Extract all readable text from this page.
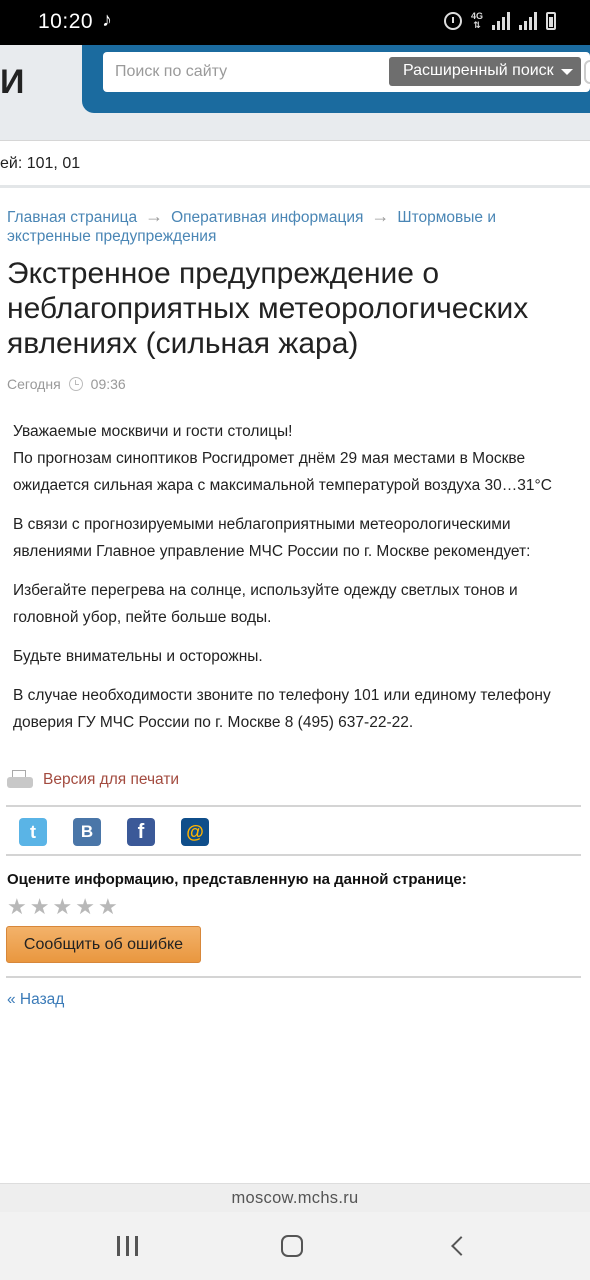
10:20 ♪	4G
⇅
И
Поиск по сайту	Расширенный поиск
ей: 101, 01
Главная страница → Оперативная информация → Штормовые и экстренные предупреждения
Экстренное предупреждение о неблагоприятных метеорологических явлениях (сильная жара)
Сегодня 09:36

Уважаемые москвичи и гости столицы!
По прогнозам синоптиков Росгидромет днём 29 мая местами в Москве ожидается сильная жара с максимальной температурой воздуха 30…31°С

В связи с прогнозируемыми неблагоприятными метеорологическими явлениями Главное управление МЧС России по г. Москве рекомендует:

Избегайте перегрева на солнце, используйте одежду светлых тонов и головной убор, пейте больше воды.

Будьте внимательны и осторожны.

В случае необходимости звоните по телефону 101 или единому телефону доверия ГУ МЧС России по г. Москве 8 (495) 637-22-22.

Версия для печати
t	В	f	@
Оцените информацию, представленную на данной странице:
★ ★ ★ ★ ★
Сообщить об ошибке
« Назад
moscow.mchs.ru
